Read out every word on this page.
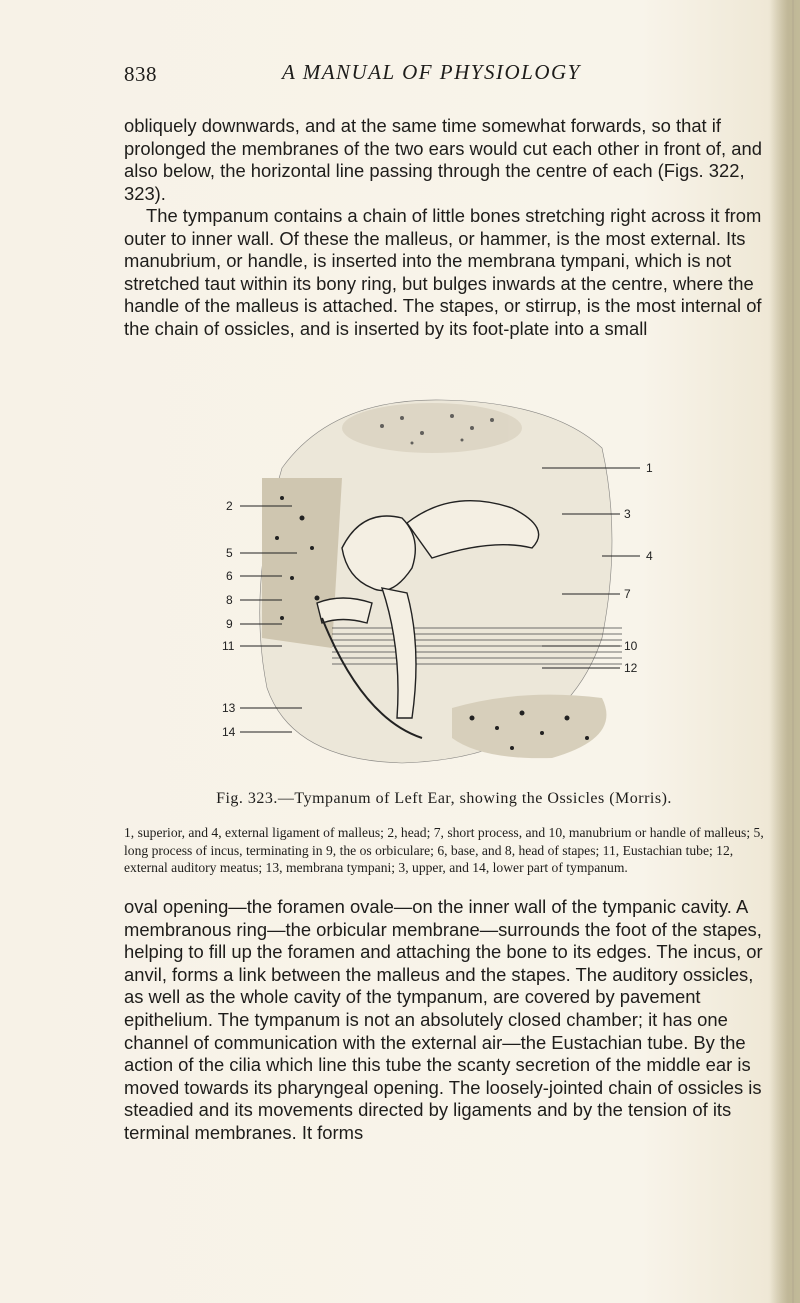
838	A MANUAL OF PHYSIOLOGY

obliquely downwards, and at the same time somewhat forwards, so that if prolonged the membranes of the two ears would cut each other in front of, and also below, the horizontal line passing through the centre of each (Figs. 322, 323).

The tympanum contains a chain of little bones stretching right across it from outer to inner wall. Of these the malleus, or hammer, is the most external. Its manubrium, or handle, is inserted into the membrana tympani, which is not stretched taut within its bony ring, but bulges inwards at the centre, where the handle of the malleus is attached. The stapes, or stirrup, is the most internal of the chain of ossicles, and is inserted by its foot-plate into a small

2
5
6
8
9
11
13
14
1
3
4
7
10
12
Fig. 323.—Tympanum of Left Ear, showing the Ossicles (Morris).
1, superior, and 4, external ligament of malleus; 2, head; 7, short process, and 10, manubrium or handle of malleus; 5, long process of incus, terminating in 9, the os orbiculare; 6, base, and 8, head of stapes; 11, Eustachian tube; 12, external auditory meatus; 13, membrana tympani; 3, upper, and 14, lower part of tympanum.

oval opening—the foramen ovale—on the inner wall of the tympanic cavity. A membranous ring—the orbicular membrane—surrounds the foot of the stapes, helping to fill up the foramen and attaching the bone to its edges. The incus, or anvil, forms a link between the malleus and the stapes. The auditory ossicles, as well as the whole cavity of the tympanum, are covered by pavement epithelium. The tympanum is not an absolutely closed chamber; it has one channel of communication with the external air—the Eustachian tube. By the action of the cilia which line this tube the scanty secretion of the middle ear is moved towards its pharyngeal opening. The loosely-jointed chain of ossicles is steadied and its movements directed by ligaments and by the tension of its terminal membranes. It forms
